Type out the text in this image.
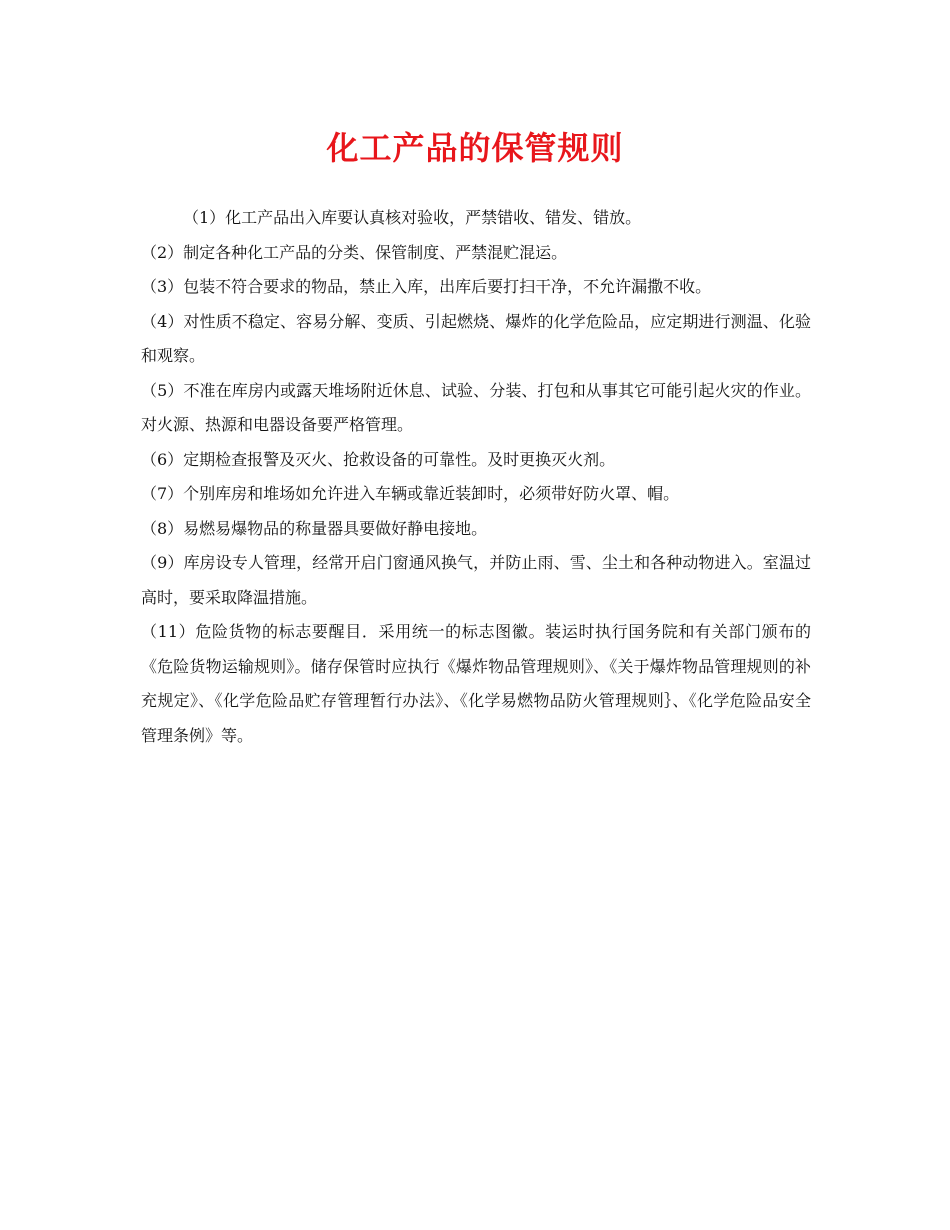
化工产品的保管规则

（1）化工产品出入库要认真核对验收，严禁错收、错发、错放。

（2）制定各种化工产品的分类、保管制度、严禁混贮混运。

（3）包装不符合要求的物品，禁止入库，出库后要打扫干净，不允许漏撒不收。

（4）对性质不稳定、容易分解、变质、引起燃烧、爆炸的化学危险品，应定期进行测温、化验和观察。

（5）不准在库房内或露天堆场附近休息、试验、分装、打包和从事其它可能引起火灾的作业。对火源、热源和电器设备要严格管理。

（6）定期检查报警及灭火、抢救设备的可靠性。及时更换灭火剂。

（7）个别库房和堆场如允许进入车辆或靠近装卸时，必须带好防火罩、帽。

（8）易燃易爆物品的称量器具要做好静电接地。

（9）库房设专人管理，经常开启门窗通风换气，并防止雨、雪、尘土和各种动物进入。室温过高时，要采取降温措施。

（11）危险货物的标志要醒目．采用统一的标志图徽。装运时执行国务院和有关部门颁布的《危险货物运输规则》。储存保管时应执行《爆炸物品管理规则》、《关于爆炸物品管理规则的补充规定》、《化学危险品贮存管理暂行办法》、《化学易燃物品防火管理规则｝、《化学危险品安全管理条例》等。
